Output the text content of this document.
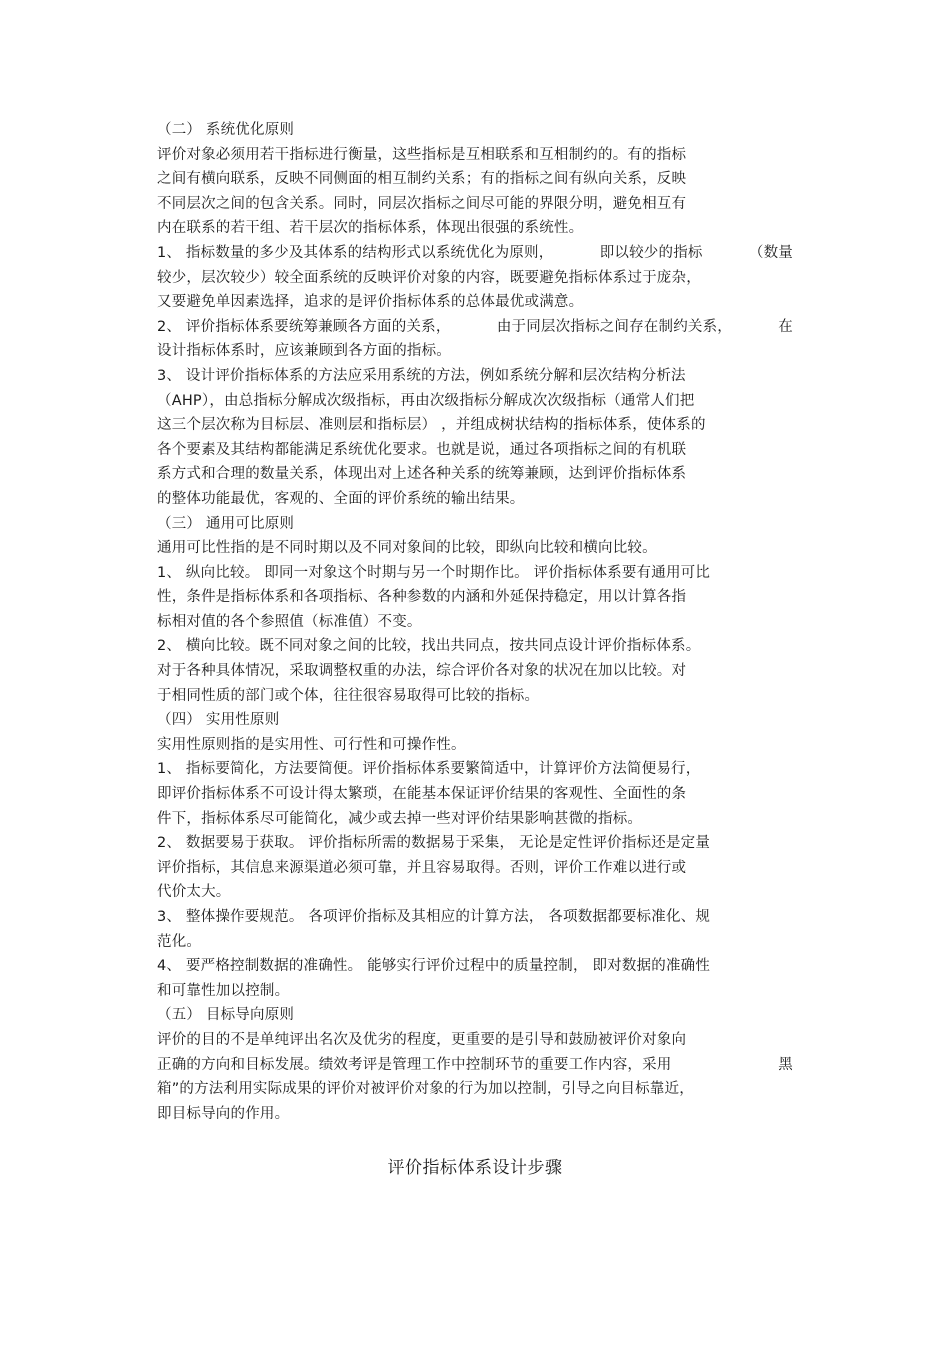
（二） 系统优化原则
评价对象必须用若干指标进行衡量，这些指标是互相联系和互相制约的。有的指标
之间有横向联系，反映不同侧面的相互制约关系；有的指标之间有纵向关系，反映
不同层次之间的包含关系。同时，同层次指标之间尽可能的界限分明，避免相互有
内在联系的若干组、若干层次的指标体系，体现出很强的系统性。
1、 指标数量的多少及其体系的结构形式以系统优化为原则，	即以较少的指标	（数量
较少，层次较少）较全面系统的反映评价对象的内容，既要避免指标体系过于庞杂，
又要避免单因素选择，追求的是评价指标体系的总体最优或满意。
2、 评价指标体系要统筹兼顾各方面的关系，	由于同层次指标之间存在制约关系，	在
设计指标体系时，应该兼顾到各方面的指标。
3、 设计评价指标体系的方法应采用系统的方法，例如系统分解和层次结构分析法
（AHP），由总指标分解成次级指标，再由次级指标分解成次次级指标（通常人们把
这三个层次称为目标层、准则层和指标层） ，并组成树状结构的指标体系，使体系的
各个要素及其结构都能满足系统优化要求。也就是说，通过各项指标之间的有机联
系方式和合理的数量关系，体现出对上述各种关系的统筹兼顾，达到评价指标体系
的整体功能最优，客观的、全面的评价系统的输出结果。
（三） 通用可比原则
通用可比性指的是不同时期以及不同对象间的比较，即纵向比较和横向比较。
1、 纵向比较。 即同一对象这个时期与另一个时期作比。 评价指标体系要有通用可比
性，条件是指标体系和各项指标、各种参数的内涵和外延保持稳定，用以计算各指
标相对值的各个参照值（标准值）不变。
2、 横向比较。既不同对象之间的比较，找出共同点，按共同点设计评价指标体系。
对于各种具体情况，采取调整权重的办法，综合评价各对象的状况在加以比较。对
于相同性质的部门或个体，往往很容易取得可比较的指标。
（四） 实用性原则
实用性原则指的是实用性、可行性和可操作性。
1、 指标要简化，方法要简便。评价指标体系要繁简适中，计算评价方法简便易行，
即评价指标体系不可设计得太繁琐，在能基本保证评价结果的客观性、全面性的条
件下，指标体系尽可能简化，减少或去掉一些对评价结果影响甚微的指标。
2、 数据要易于获取。 评价指标所需的数据易于采集， 无论是定性评价指标还是定量
评价指标，其信息来源渠道必须可靠，并且容易取得。否则，评价工作难以进行或
代价太大。
3、 整体操作要规范。 各项评价指标及其相应的计算方法， 各项数据都要标准化、规
范化。
4、 要严格控制数据的准确性。 能够实行评价过程中的质量控制， 即对数据的准确性
和可靠性加以控制。
（五） 目标导向原则
评价的目的不是单纯评出名次及优劣的程度，更重要的是引导和鼓励被评价对象向
正确的方向和目标发展。绩效考评是管理工作中控制环节的重要工作内容，采用	黑
箱”的方法利用实际成果的评价对被评价对象的行为加以控制，引导之向目标靠近，
即目标导向的作用。
评价指标体系设计步骤
